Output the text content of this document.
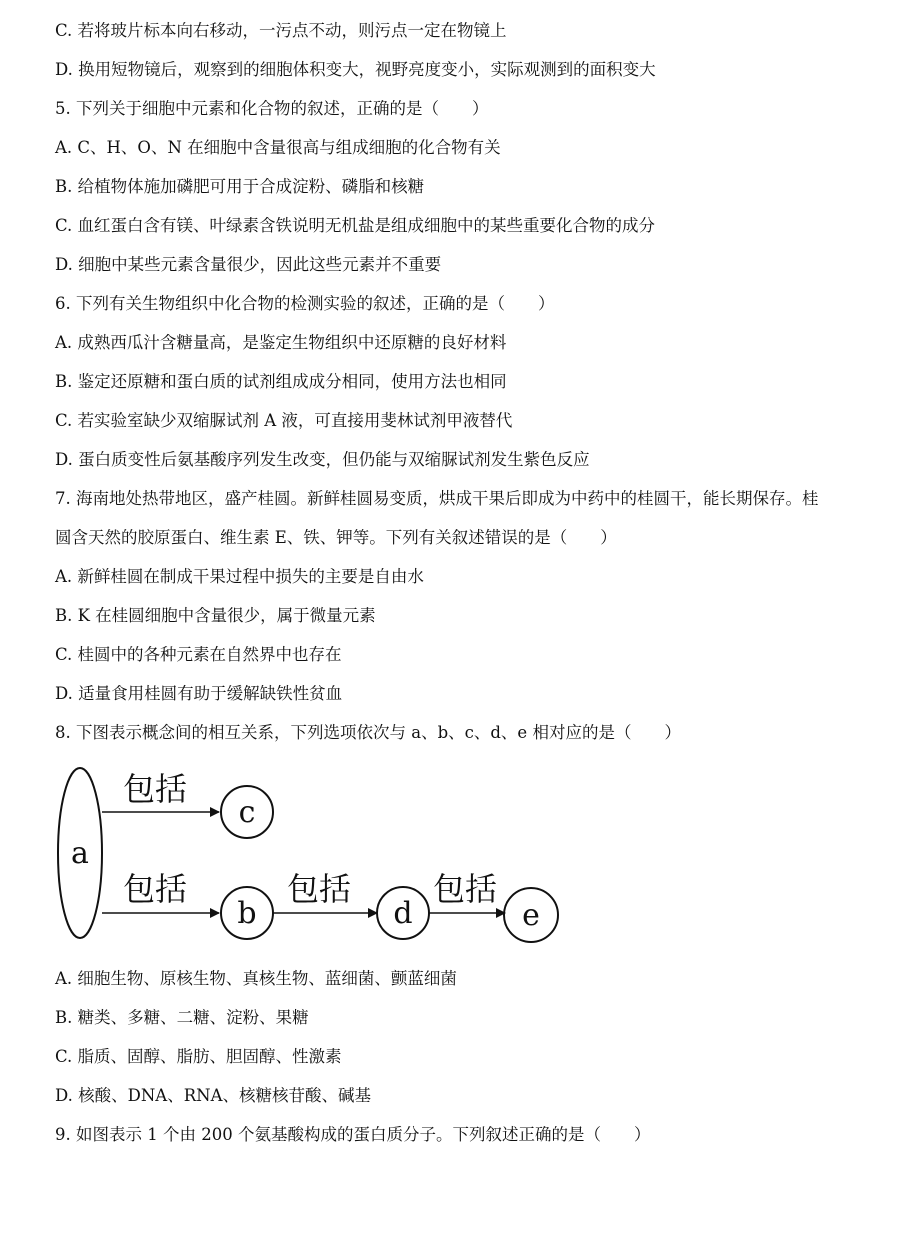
C. 若将玻片标本向右移动，一污点不动，则污点一定在物镜上
D. 换用短物镜后，观察到的细胞体积变大，视野亮度变小，实际观测到的面积变大
5. 下列关于细胞中元素和化合物的叙述，正确的是（　　）
A. C、H、O、N 在细胞中含量很高与组成细胞的化合物有关
B. 给植物体施加磷肥可用于合成淀粉、磷脂和核糖
C. 血红蛋白含有镁、叶绿素含铁说明无机盐是组成细胞中的某些重要化合物的成分
D. 细胞中某些元素含量很少，因此这些元素并不重要
6. 下列有关生物组织中化合物的检测实验的叙述，正确的是（　　）
A. 成熟西瓜汁含糖量高，是鉴定生物组织中还原糖的良好材料
B. 鉴定还原糖和蛋白质的试剂组成成分相同，使用方法也相同
C. 若实验室缺少双缩脲试剂 A 液，可直接用斐林试剂甲液替代
D. 蛋白质变性后氨基酸序列发生改变，但仍能与双缩脲试剂发生紫色反应
7. 海南地处热带地区，盛产桂圆。新鲜桂圆易变质，烘成干果后即成为中药中的桂圆干，能长期保存。桂
圆含天然的胶原蛋白、维生素 E、铁、钾等。下列有关叙述错误的是（　　）
A. 新鲜桂圆在制成干果过程中损失的主要是自由水
B. K 在桂圆细胞中含量很少，属于微量元素
C. 桂圆中的各种元素在自然界中也存在
D. 适量食用桂圆有助于缓解缺铁性贫血
8. 下图表示概念间的相互关系，下列选项依次与 a、b、c、d、e 相对应的是（　　）
a
包括
c
包括
b
包括
d
包括
e
A. 细胞生物、原核生物、真核生物、蓝细菌、颤蓝细菌
B. 糖类、多糖、二糖、淀粉、果糖
C. 脂质、固醇、脂肪、胆固醇、性激素
D. 核酸、DNA、RNA、核糖核苷酸、碱基
9. 如图表示 1 个由 200 个氨基酸构成的蛋白质分子。下列叙述正确的是（　　）
